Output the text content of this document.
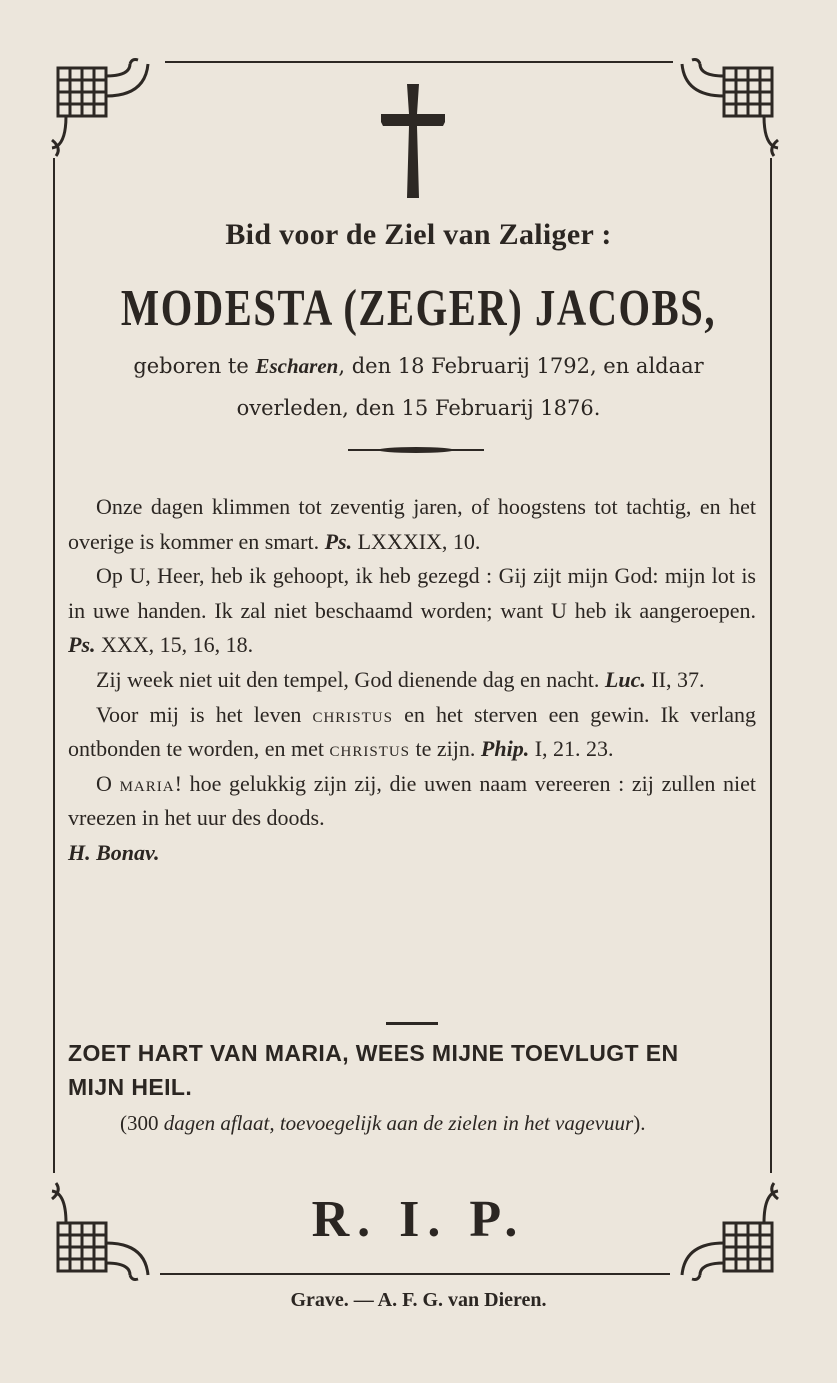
Bid voor de Ziel van Zaliger :
MODESTA (ZEGER) JACOBS,
geboren te Escharen, den 18 Februarij 1792, en aldaar
overleden, den 15 Februarij 1876.

Onze dagen klimmen tot zeventig jaren, of hoogstens tot tachtig, en het overige is kommer en smart. Ps. LXXXIX, 10.

Op U, Heer, heb ik gehoopt, ik heb gezegd : Gij zijt mijn God: mijn lot is in uwe handen. Ik zal niet beschaamd worden; want U heb ik aangeroepen. Ps. XXX, 15, 16, 18.

Zij week niet uit den tempel, God dienende dag en nacht. Luc. II, 37.

Voor mij is het leven christus en het sterven een gewin. Ik verlang ontbonden te worden, en met christus te zijn. Phip. I, 21. 23.

O maria! hoe gelukkig zijn zij, die uwen naam vereeren : zij zullen niet vreezen in het uur des doods.
H. Bonav.

ZOET HART VAN MARIA, WEES MIJNE TOEVLUGT EN MIJN HEIL.
(300 dagen aflaat, toevoegelijk aan de zielen in het vagevuur).
R. I. P.
Grave. — A. F. G. van Dieren.
